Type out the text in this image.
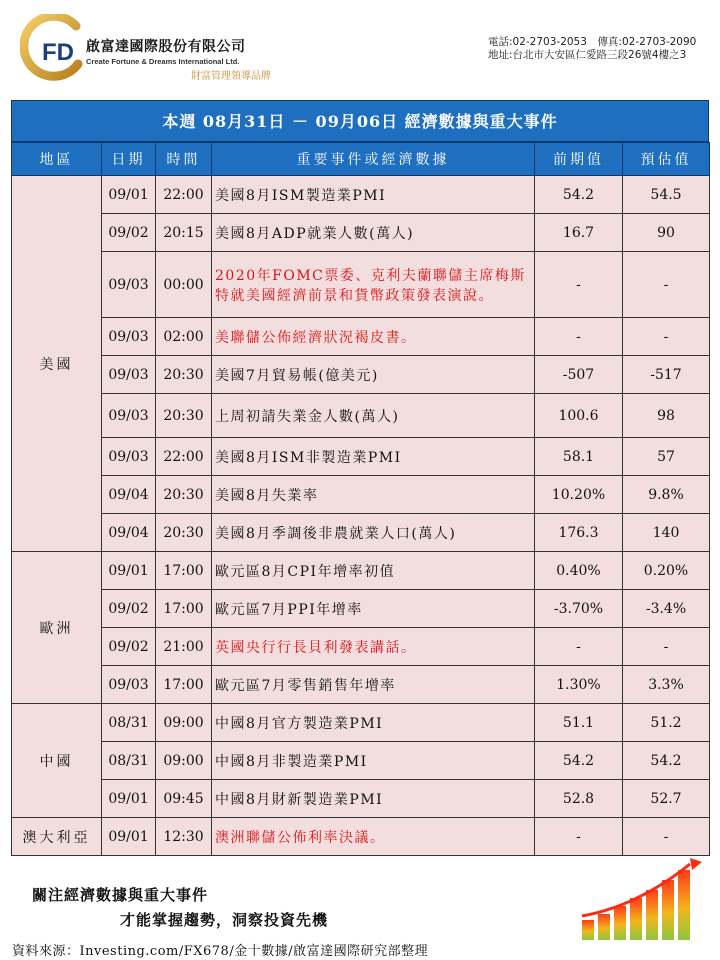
FD 啟富達國際股份有限公司
Create Fortune & Dreams International Ltd.
財富管理領導品牌
電話:02-2703-2053　傳真:02-2703-2090
地址:台北市大安區仁愛路三段26號4樓之3
本週 08月31日 － 09月06日 經濟數據與重大事件
地區	日期	時間	重要事件或經濟數據	前期值	預估值
美國	09/01	22:00	美國8月ISM製造業PMI	54.2	54.5
	09/02	20:15	美國8月ADP就業人數(萬人)	16.7	90
	09/03	00:00	2020年FOMC票委、克利夫蘭聯儲主席梅斯特就美國經濟前景和貨幣政策發表演說。	-	-
	09/03	02:00	美聯儲公佈經濟狀況褐皮書。	-	-
	09/03	20:30	美國7月貿易帳(億美元)	-507	-517
	09/03	20:30	上周初請失業金人數(萬人)	100.6	98
	09/03	22:00	美國8月ISM非製造業PMI	58.1	57
	09/04	20:30	美國8月失業率	10.20%	9.8%
	09/04	20:30	美國8月季調後非農就業人口(萬人)	176.3	140
歐洲	09/01	17:00	歐元區8月CPI年增率初值	0.40%	0.20%
	09/02	17:00	歐元區7月PPI年增率	-3.70%	-3.4%
	09/02	21:00	英國央行行長貝利發表講話。	-	-
	09/03	17:00	歐元區7月零售銷售年增率	1.30%	3.3%
中國	08/31	09:00	中國8月官方製造業PMI	51.1	51.2
	08/31	09:00	中國8月非製造業PMI	54.2	54.2
	09/01	09:45	中國8月財新製造業PMI	52.8	52.7
澳大利亞	09/01	12:30	澳洲聯儲公佈利率決議。	-	-
關注經濟數據與重大事件
才能掌握趨勢，洞察投資先機
資料來源：Investing.com/FX678/金十數據/啟富達國際研究部整理
